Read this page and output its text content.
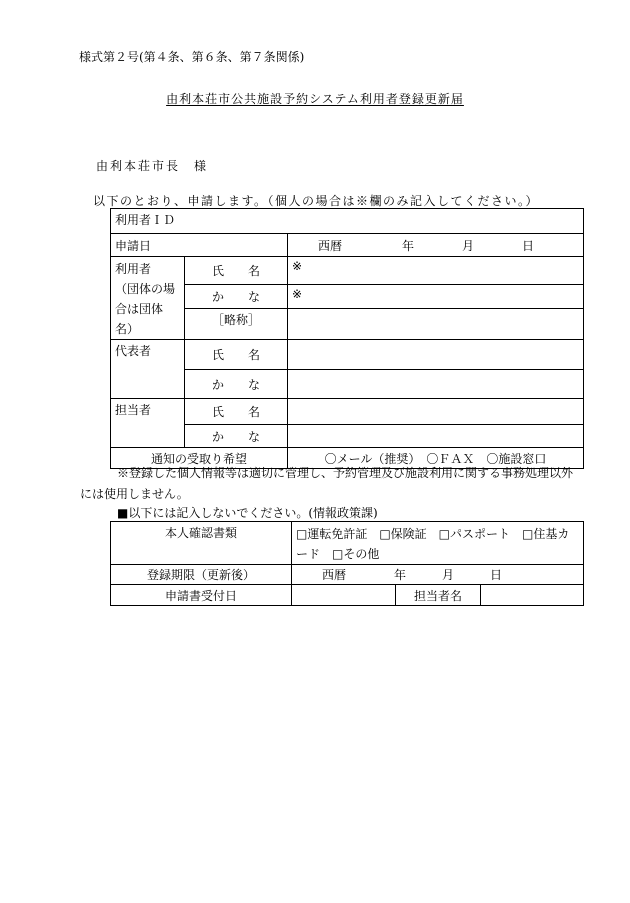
様式第２号(第４条、第６条、第７条関係)
由利本荘市公共施設予約システム利用者登録更新届
由利本荘市長　様
以下のとおり、申請します。（個人の場合は※欄のみ記入してください。）
利用者ＩＤ		
申請日		西暦　　　　　年　　　　月　　　　日
利用者
（団体の場合は団体名）	氏　　名	※
	か　　な	※
	［略称］	
代表者	氏　　名	
	か　　な	
担当者	氏　　名	
	か　　な	
通知の受取り希望		〇メール（推奨）　〇ＦＡＸ　〇施設窓口
※登録した個人情報等は適切に管理し、予約管理及び施設利用に関する事務処理以外
には使用しません。
■以下には記入しないでください。(情報政策課)
本人確認書類	□運転免許証　□保険証　□パスポート　□住基カード　□その他		
登録期限（更新後）	西暦　　　　年　　　月　　　日		
申請書受付日		担当者名	
